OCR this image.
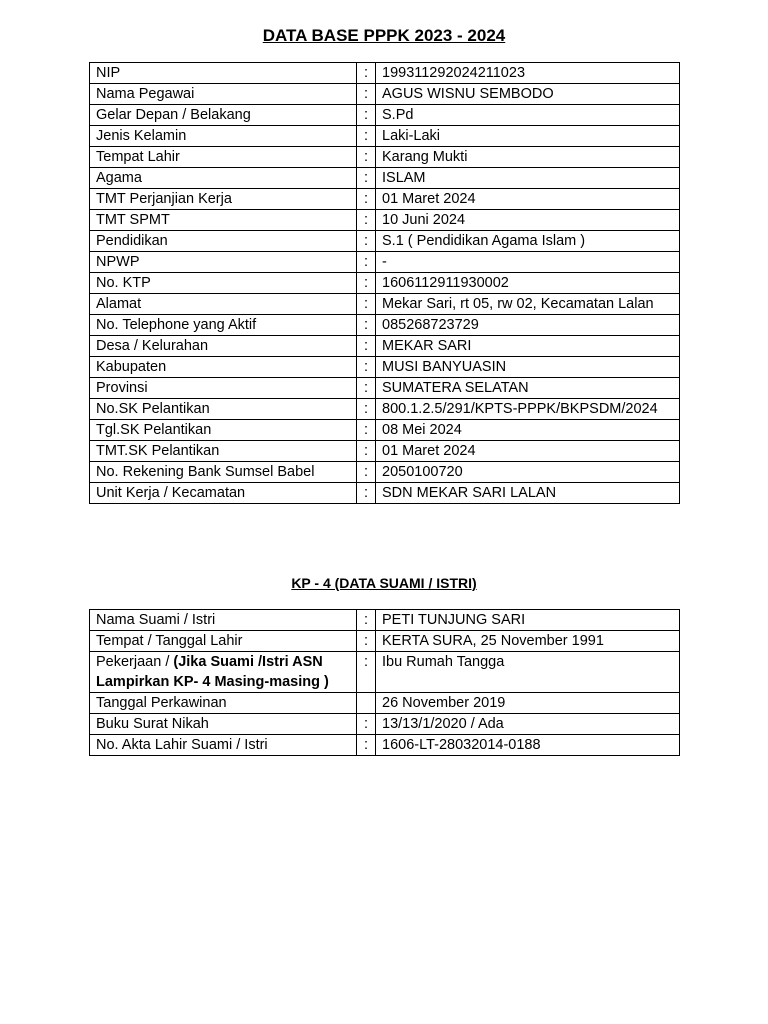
DATA BASE PPPK 2023 - 2024
NIP	:	199311292024211023
Nama Pegawai	:	AGUS WISNU SEMBODO
Gelar Depan / Belakang	:	S.Pd
Jenis Kelamin	:	Laki-Laki
Tempat Lahir	:	Karang Mukti
Agama	:	ISLAM
TMT Perjanjian Kerja	:	01 Maret 2024
TMT SPMT	:	10 Juni 2024
Pendidikan	:	S.1 ( Pendidikan Agama Islam )
NPWP	:	-
No. KTP	:	1606112911930002
Alamat	:	Mekar Sari, rt 05, rw 02, Kecamatan Lalan
No. Telephone yang Aktif	:	085268723729
Desa / Kelurahan	:	MEKAR SARI
Kabupaten	:	MUSI BANYUASIN
Provinsi	:	SUMATERA SELATAN
No.SK Pelantikan	:	800.1.2.5/291/KPTS-PPPK/BKPSDM/2024
Tgl.SK Pelantikan	:	08 Mei 2024
TMT.SK Pelantikan	:	01 Maret 2024
No. Rekening Bank Sumsel Babel	:	2050100720
Unit Kerja / Kecamatan	:	SDN MEKAR SARI LALAN
KP - 4 (DATA SUAMI / ISTRI)
Nama Suami / Istri	:	PETI TUNJUNG SARI
Tempat / Tanggal Lahir	:	KERTA SURA, 25 November 1991
Pekerjaan / (Jika Suami /Istri ASN Lampirkan KP- 4 Masing-masing )	:	Ibu Rumah Tangga
Tanggal Perkawinan		26 November 2019
Buku Surat Nikah	:	13/13/1/2020 / Ada
No. Akta Lahir Suami / Istri	:	1606-LT-28032014-0188
